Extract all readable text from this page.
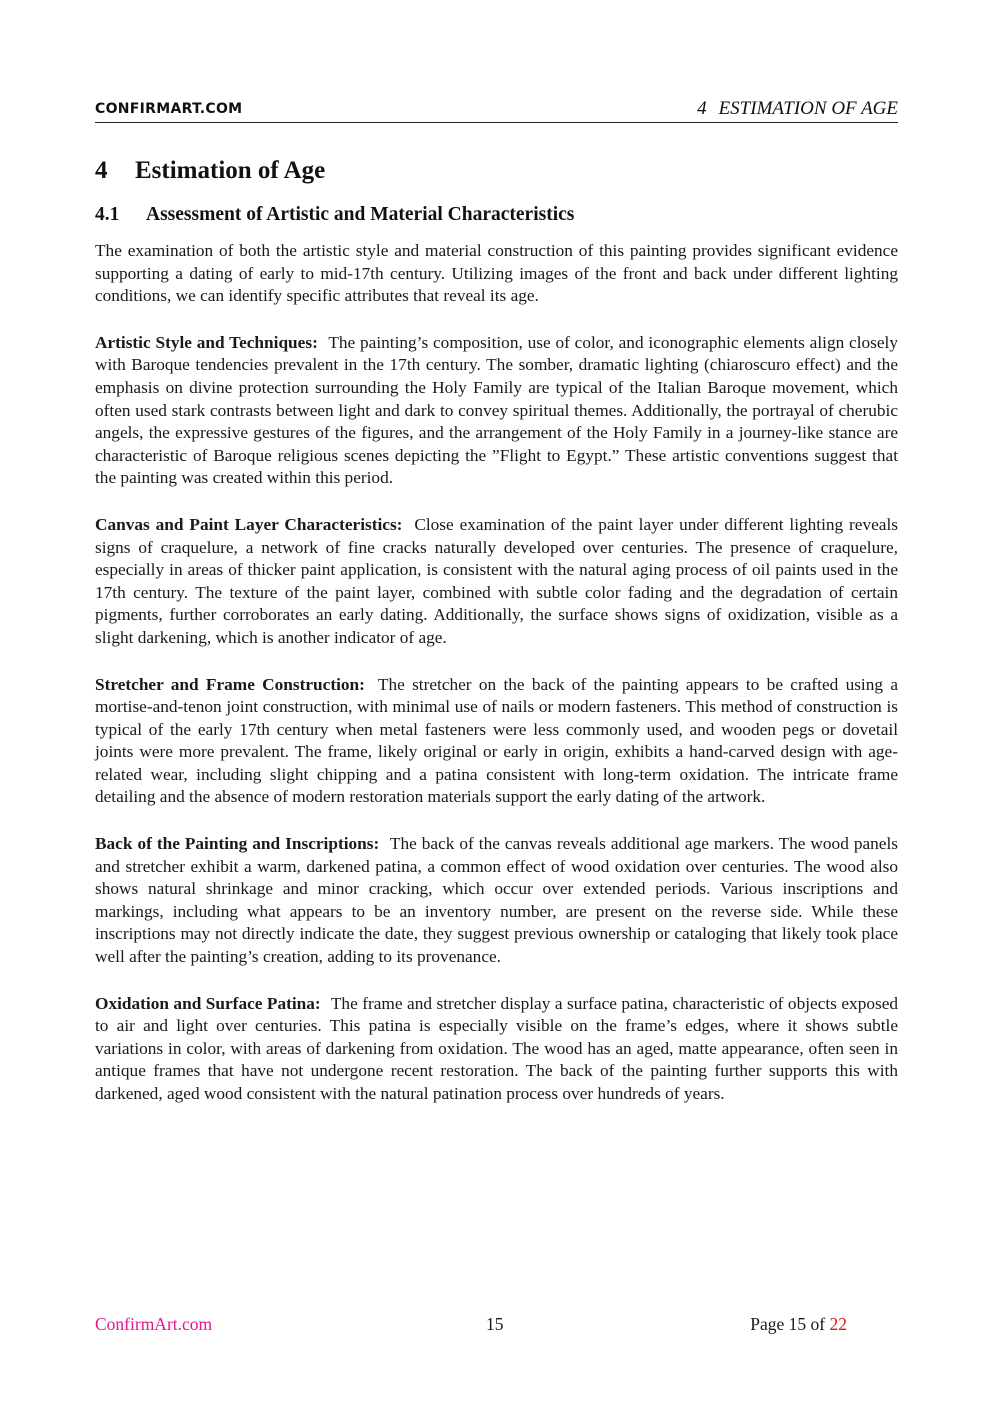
CONFIRMART.COM	4 ESTIMATION OF AGE
4 Estimation of Age
4.1 Assessment of Artistic and Material Characteristics

The examination of both the artistic style and material construction of this painting provides significant evidence supporting a dating of early to mid-17th century. Utilizing images of the front and back under different lighting conditions, we can identify specific attributes that reveal its age.

Artistic Style and Techniques: The painting’s composition, use of color, and iconographic elements align closely with Baroque tendencies prevalent in the 17th century. The somber, dramatic lighting (chiaroscuro effect) and the emphasis on divine protection surrounding the Holy Family are typical of the Italian Baroque movement, which often used stark contrasts between light and dark to convey spiritual themes. Additionally, the portrayal of cherubic angels, the expressive gestures of the figures, and the arrangement of the Holy Family in a journey-like stance are characteristic of Baroque religious scenes depicting the ”Flight to Egypt.” These artistic conventions suggest that the painting was created within this period.

Canvas and Paint Layer Characteristics: Close examination of the paint layer under different lighting reveals signs of craquelure, a network of fine cracks naturally developed over centuries. The presence of craquelure, especially in areas of thicker paint application, is consistent with the natural aging process of oil paints used in the 17th century. The texture of the paint layer, combined with subtle color fading and the degradation of certain pigments, further corroborates an early dating. Additionally, the surface shows signs of oxidization, visible as a slight darkening, which is another indicator of age.

Stretcher and Frame Construction: The stretcher on the back of the painting appears to be crafted using a mortise-and-tenon joint construction, with minimal use of nails or modern fasteners. This method of construction is typical of the early 17th century when metal fasteners were less commonly used, and wooden pegs or dovetail joints were more prevalent. The frame, likely original or early in origin, exhibits a hand-carved design with age-related wear, including slight chipping and a patina consistent with long-term oxidation. The intricate frame detailing and the absence of modern restoration materials support the early dating of the artwork.

Back of the Painting and Inscriptions: The back of the canvas reveals additional age markers. The wood panels and stretcher exhibit a warm, darkened patina, a common effect of wood oxidation over centuries. The wood also shows natural shrinkage and minor cracking, which occur over extended periods. Various inscriptions and markings, including what appears to be an inventory number, are present on the reverse side. While these inscriptions may not directly indicate the date, they suggest previous ownership or cataloging that likely took place well after the painting’s creation, adding to its provenance.

Oxidation and Surface Patina: The frame and stretcher display a surface patina, characteristic of objects exposed to air and light over centuries. This patina is especially visible on the frame’s edges, where it shows subtle variations in color, with areas of darkening from oxidation. The wood has an aged, matte appearance, often seen in antique frames that have not undergone recent restoration. The back of the painting further supports this with darkened, aged wood consistent with the natural patination process over hundreds of years.

ConfirmArt.com	15	Page 15 of 22
